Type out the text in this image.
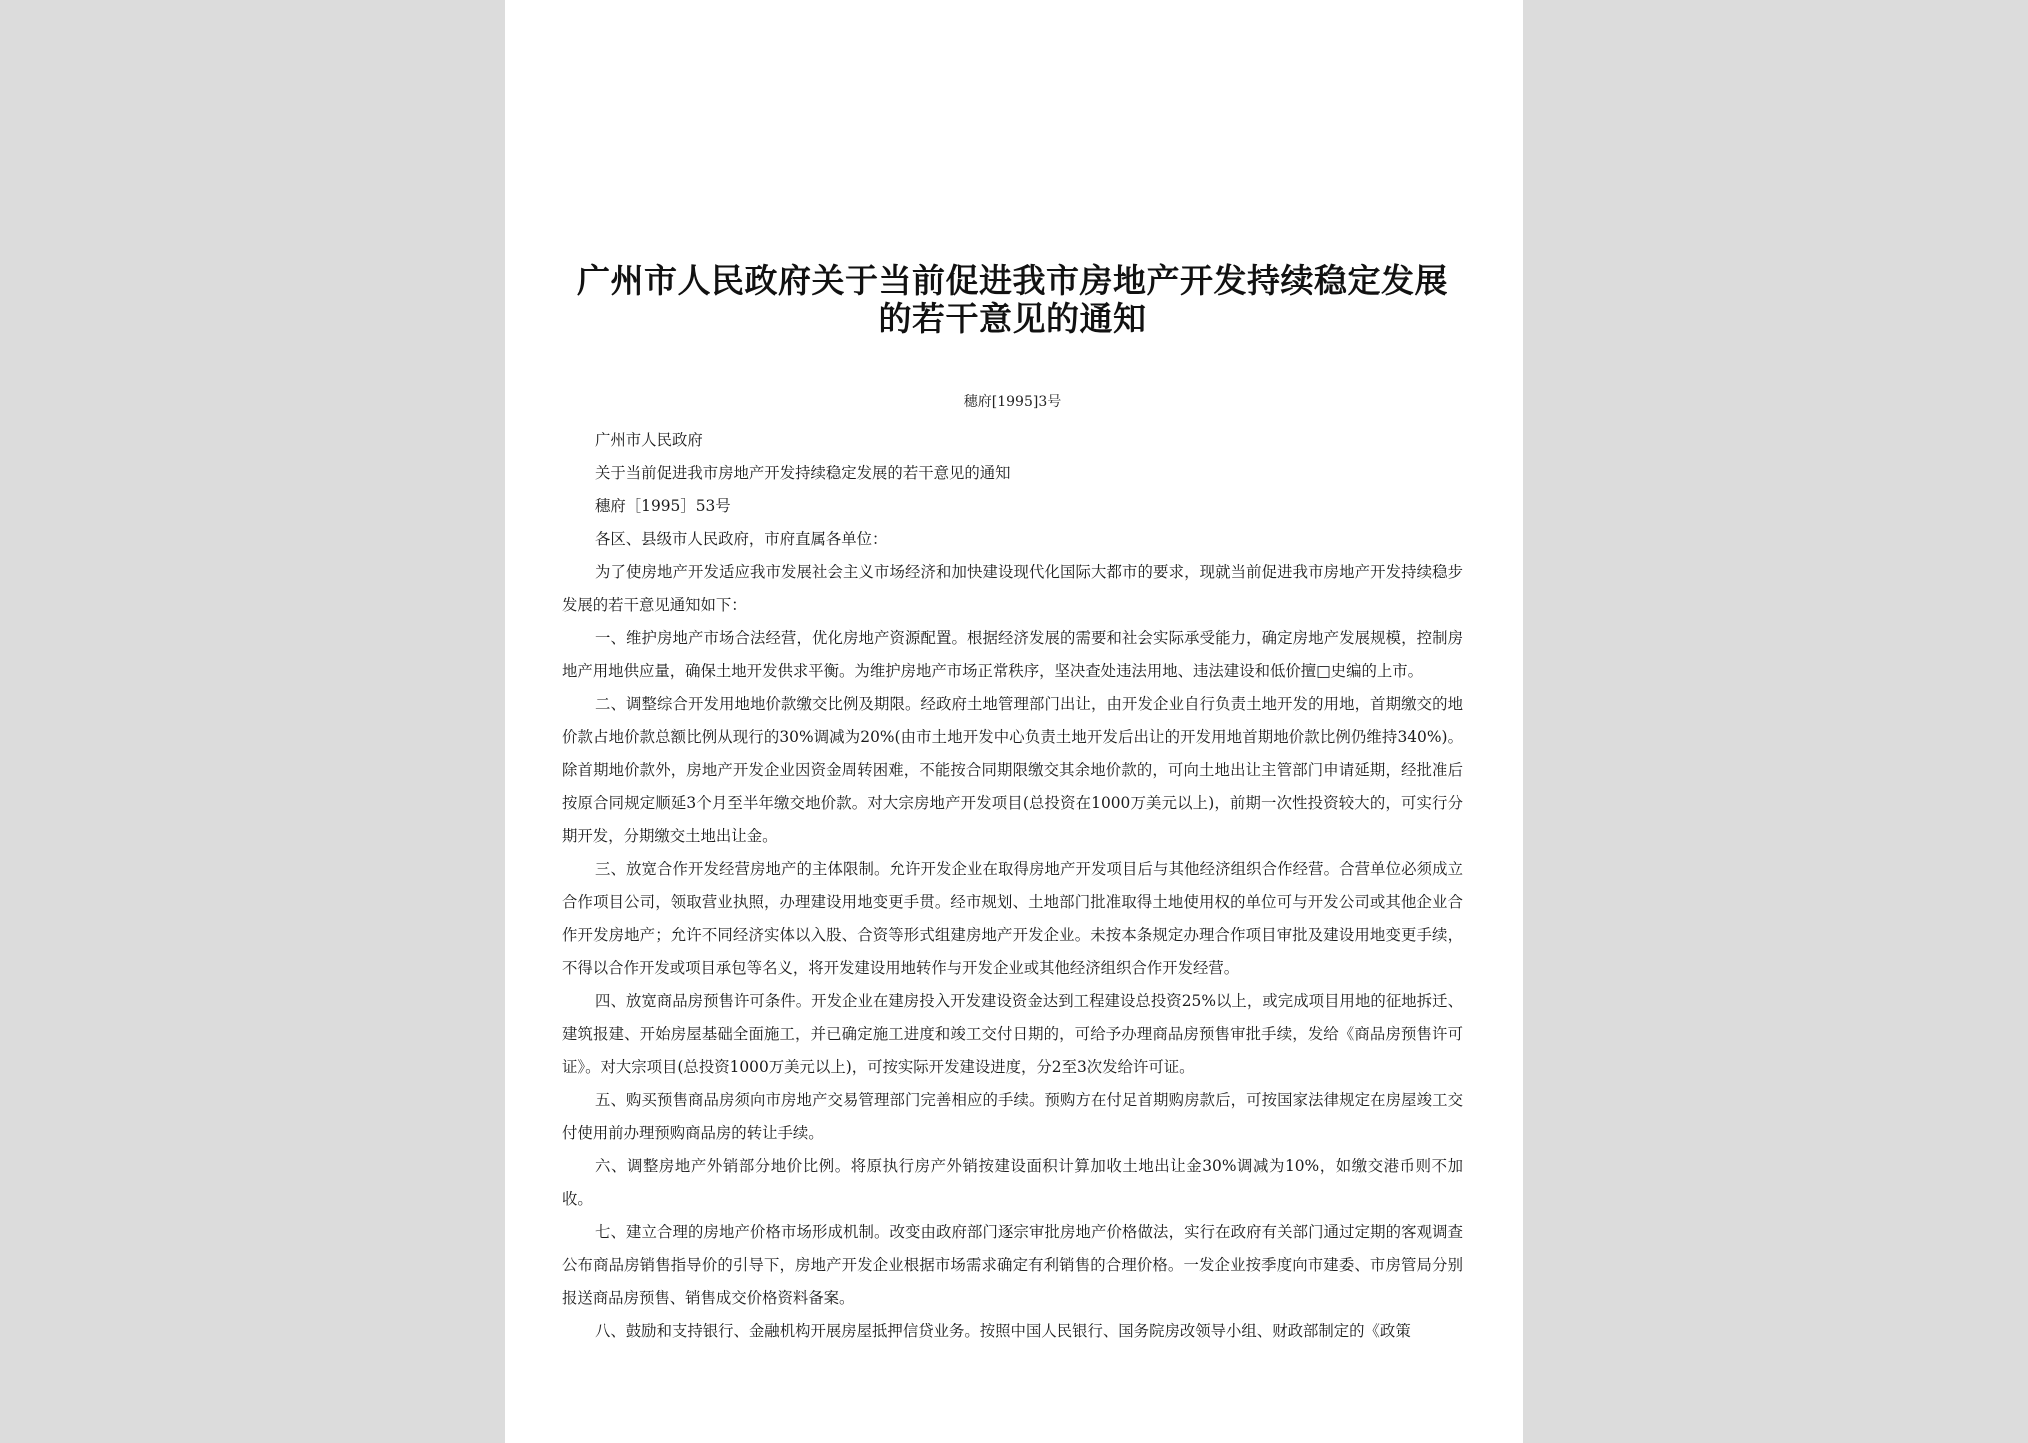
广州市人民政府关于当前促进我市房地产开发持续稳定发展的若干意见的通知
穗府[1995]3号

广州市人民政府

关于当前促进我市房地产开发持续稳定发展的若干意见的通知

穗府［1995］53号

各区、县级市人民政府，市府直属各单位：

为了使房地产开发适应我市发展社会主义市场经济和加快建设现代化国际大都市的要求，现就当前促进我市房地产开发持续稳步发展的若干意见通知如下：

一、维护房地产市场合法经营，优化房地产资源配置。根据经济发展的需要和社会实际承受能力，确定房地产发展规模，控制房地产用地供应量，确保土地开发供求平衡。为维护房地产市场正常秩序，坚决查处违法用地、违法建设和低价擅□史编的上市。

二、调整综合开发用地地价款缴交比例及期限。经政府土地管理部门出让，由开发企业自行负责土地开发的用地，首期缴交的地价款占地价款总额比例从现行的30%调减为20%(由市土地开发中心负责土地开发后出让的开发用地首期地价款比例仍维持340%)。除首期地价款外，房地产开发企业因资金周转困难，不能按合同期限缴交其余地价款的，可向土地出让主管部门申请延期，经批准后按原合同规定顺延3个月至半年缴交地价款。对大宗房地产开发项目(总投资在1000万美元以上)，前期一次性投资较大的，可实行分期开发，分期缴交土地出让金。

三、放宽合作开发经营房地产的主体限制。允许开发企业在取得房地产开发项目后与其他经济组织合作经营。合营单位必须成立合作项目公司，领取营业执照，办理建设用地变更手贯。经市规划、土地部门批准取得土地使用权的单位可与开发公司或其他企业合作开发房地产；允许不同经济实体以入股、合资等形式组建房地产开发企业。未按本条规定办理合作项目审批及建设用地变更手续，不得以合作开发或项目承包等名义，将开发建设用地转作与开发企业或其他经济组织合作开发经营。

四、放宽商品房预售许可条件。开发企业在建房投入开发建设资金达到工程建设总投资25%以上，或完成项目用地的征地拆迁、建筑报建、开始房屋基础全面施工，并已确定施工进度和竣工交付日期的，可给予办理商品房预售审批手续，发给《商品房预售许可证》。对大宗项目(总投资1000万美元以上)，可按实际开发建设进度，分2至3次发给许可证。

五、购买预售商品房须向市房地产交易管理部门完善相应的手续。预购方在付足首期购房款后，可按国家法律规定在房屋竣工交付使用前办理预购商品房的转让手续。

六、调整房地产外销部分地价比例。将原执行房产外销按建设面积计算加收土地出让金30%调减为10%，如缴交港币则不加收。

七、建立合理的房地产价格市场形成机制。改变由政府部门逐宗审批房地产价格做法，实行在政府有关部门通过定期的客观调查公布商品房销售指导价的引导下，房地产开发企业根据市场需求确定有利销售的合理价格。一发企业按季度向市建委、市房管局分别报送商品房预售、销售成交价格资料备案。

八、鼓励和支持银行、金融机构开展房屋抵押信贷业务。按照中国人民银行、国务院房改领导小组、财政部制定的《政策
